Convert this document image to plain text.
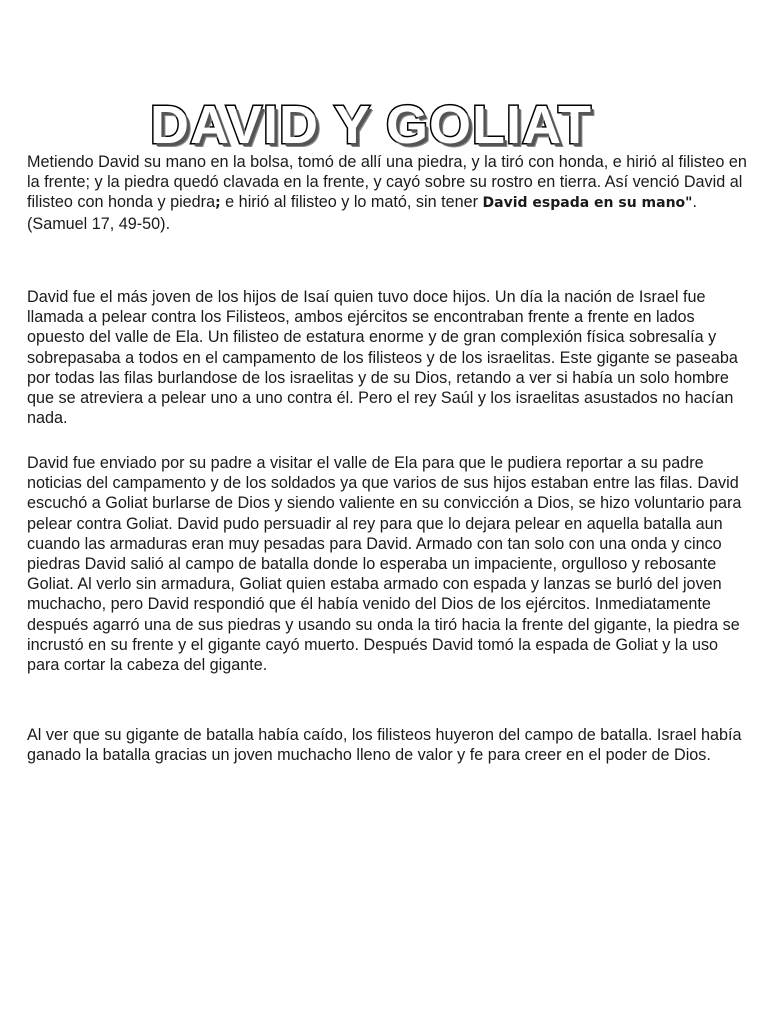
DAVID Y GOLIAT

Metiendo David su mano en la bolsa, tomó de allí una piedra, y la tiró con honda, e hirió al filisteo en la frente; y la piedra quedó clavada en la frente, y cayó sobre su rostro en tierra. Así venció David al filisteo con honda y piedra; e hirió al filisteo y lo mató, sin tener David espada en su mano". (Samuel 17, 49-50).

David fue el más joven de los hijos de Isaí quien tuvo doce hijos. Un día la nación de Israel fue llamada a pelear contra los Filisteos, ambos ejércitos se encontraban frente a frente en lados opuesto del valle de Ela. Un filisteo de estatura enorme y de gran complexión física sobresalía y sobrepasaba a todos en el campamento de los filisteos y de los israelitas. Este gigante se paseaba por todas las filas burlandose de los israelitas y de su Dios, retando a ver si había un solo hombre que se atreviera a pelear uno a uno contra él. Pero el rey Saúl y los israelitas asustados no hacían nada.

David fue enviado por su padre a visitar el valle de Ela para que le pudiera reportar a su padre noticias del campamento y de los soldados ya que varios de sus hijos estaban entre las filas. David escuchó a Goliat burlarse de Dios y siendo valiente en su convicción a Dios, se hizo voluntario para pelear contra Goliat. David pudo persuadir al rey para que lo dejara pelear en aquella batalla aun cuando las armaduras eran muy pesadas para David. Armado con tan solo con una onda y cinco piedras David salió al campo de batalla donde lo esperaba un impaciente, orgulloso y rebosante Goliat. Al verlo sin armadura, Goliat quien estaba armado con espada y lanzas se burló del joven muchacho, pero David respondió que él había venido del Dios de los ejércitos. Inmediatamente después agarró una de sus piedras y usando su onda la tiró hacia la frente del gigante, la piedra se incrustó en su frente y el gigante cayó muerto. Después David tomó la espada de Goliat y la uso para cortar la cabeza del gigante.

Al ver que su gigante de batalla había caído, los filisteos huyeron del campo de batalla. Israel había ganado la batalla gracias un joven muchacho lleno de valor y fe para creer en el poder de Dios.
